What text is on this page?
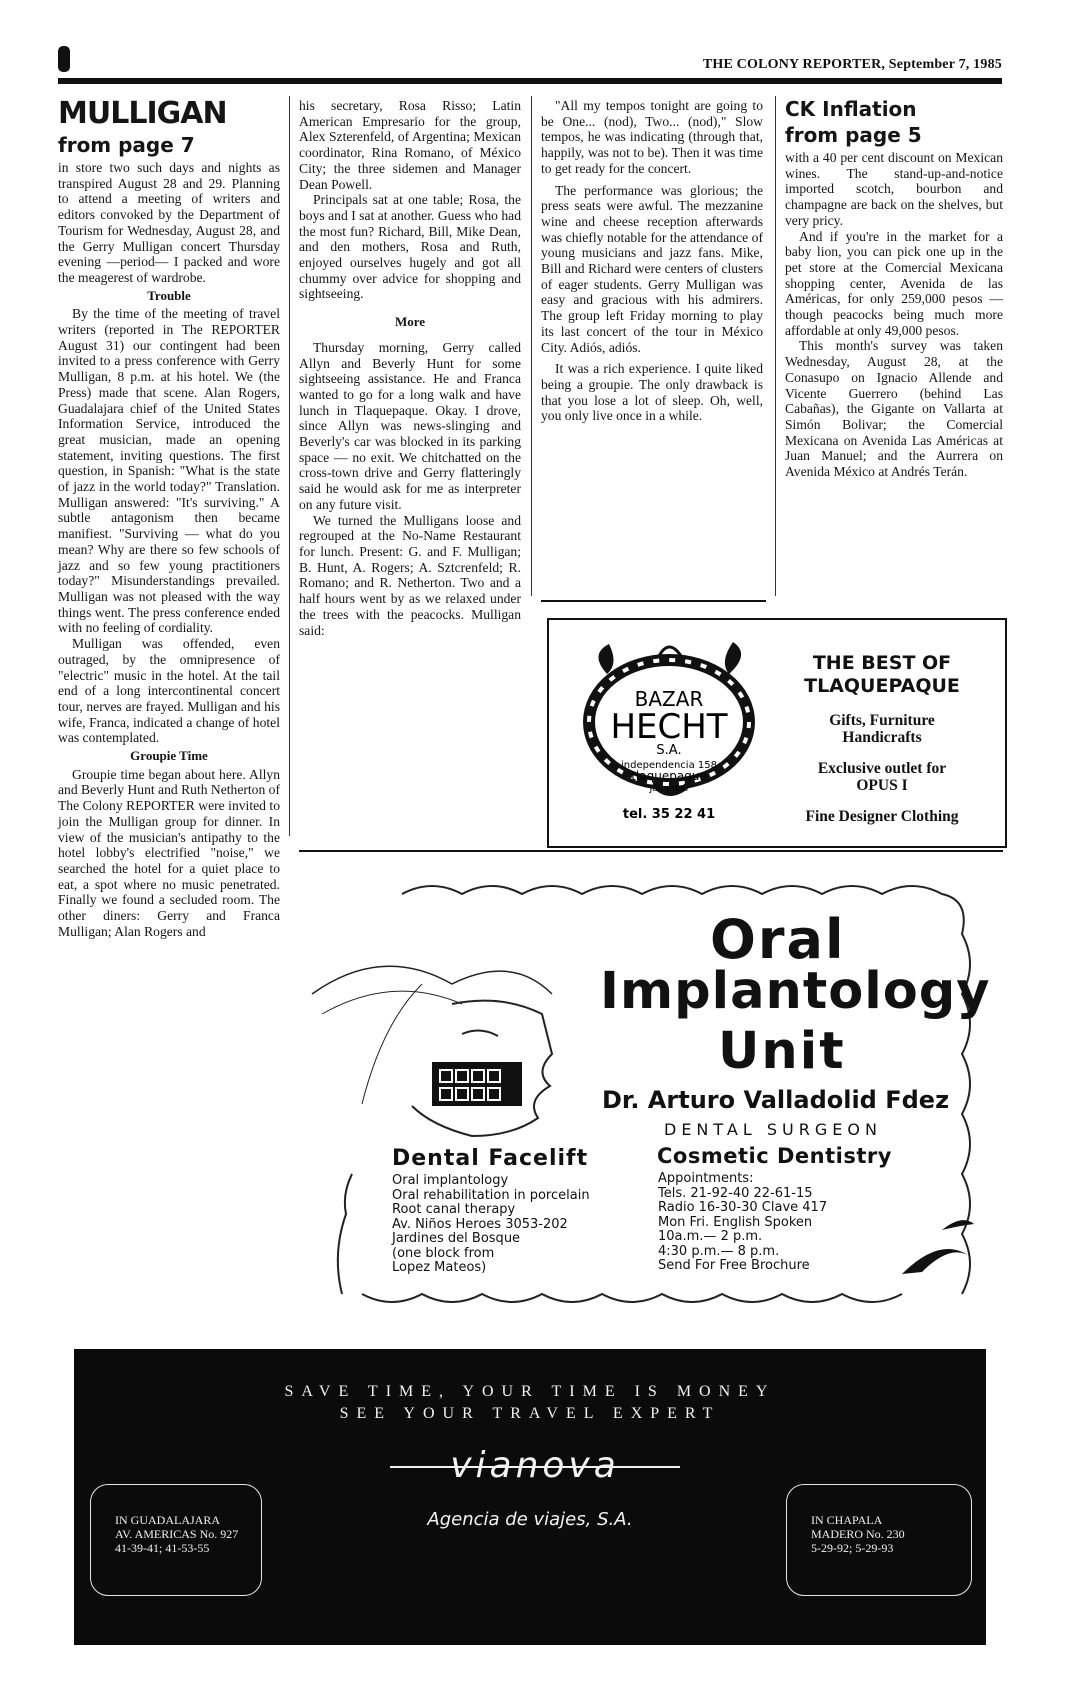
THE COLONY REPORTER, September 7, 1985
MULLIGAN
from page 7

in store two such days and nights as transpired August 28 and 29. Planning to attend a meeting of writers and editors convoked by the Department of Tourism for Wednesday, August 28, and the Gerry Mulligan concert Thursday evening —period— I packed and wore the meagerest of wardrobe.

Trouble

By the time of the meeting of travel writers (reported in The REPORTER August 31) our contingent had been invited to a press conference with Gerry Mulligan, 8 p.m. at his hotel. We (the Press) made that scene. Alan Rogers, Guadalajara chief of the United States Information Service, introduced the great musician, made an opening statement, inviting questions. The first question, in Spanish: "What is the state of jazz in the world today?" Translation. Mulligan answered: "It's surviving." A subtle antagonism then became manifiest. "Surviving — what do you mean? Why are there so few schools of jazz and so few young practitioners today?" Misunderstandings prevailed. Mulligan was not pleased with the way things went. The press conference ended with no feeling of cordiality.

Mulligan was offended, even outraged, by the omnipresence of "electric" music in the hotel. At the tail end of a long intercontinental concert tour, nerves are frayed. Mulligan and his wife, Franca, indicated a change of hotel was contemplated.

Groupie Time

Groupie time began about here. Allyn and Beverly Hunt and Ruth Netherton of The Colony REPORTER were invited to join the Mulligan group for dinner. In view of the musician's antipathy to the hotel lobby's electrified "noise," we searched the hotel for a quiet place to eat, a spot where no music penetrated. Finally we found a secluded room. The other diners: Gerry and Franca Mulligan; Alan Rogers and

his secretary, Rosa Risso; Latin American Empresario for the group, Alex Szterenfeld, of Argentina; Mexican coordinator, Rina Romano, of México City; the three sidemen and Manager Dean Powell.

Principals sat at one table; Rosa, the boys and I sat at another. Guess who had the most fun? Richard, Bill, Mike Dean, and den mothers, Rosa and Ruth, enjoyed ourselves hugely and got all chummy over advice for shopping and sightseeing.

More

Thursday morning, Gerry called Allyn and Beverly Hunt for some sightseeing assistance. He and Franca wanted to go for a long walk and have lunch in Tlaquepaque. Okay. I drove, since Allyn was news-slinging and Beverly's car was blocked in its parking space — no exit. We chitchatted on the cross-town drive and Gerry flatteringly said he would ask for me as interpreter on any future visit.

We turned the Mulligans loose and regrouped at the No-Name Restaurant for lunch. Present: G. and F. Mulligan; B. Hunt, A. Rogers; A. Sztcrenfeld; R. Romano; and R. Netherton. Two and a half hours went by as we relaxed under the trees with the peacocks. Mulligan said:

"All my tempos tonight are going to be One... (nod), Two... (nod)," Slow tempos, he was indicating (through that, happily, was not to be). Then it was time to get ready for the concert.

The performance was glorious; the press seats were awful. The mezzanine wine and cheese reception afterwards was chiefly notable for the attendance of young musicians and jazz fans. Mike, Bill and Richard were centers of clusters of eager students. Gerry Mulligan was easy and gracious with his admirers. The group left Friday morning to play its last concert of the tour in México City. Adiós, adiós.

It was a rich experience. I quite liked being a groupie. The only drawback is that you lose a lot of sleep. Oh, well, you only live once in a while.

CK Inflation
from page 5

with a 40 per cent discount on Mexican wines. The stand-up-and-notice imported scotch, bourbon and champagne are back on the shelves, but very pricy.

And if you're in the market for a baby lion, you can pick one up in the pet store at the Comercial Mexicana shopping center, Avenida de las Américas, for only 259,000 pesos — though peacocks being much more affordable at only 49,000 pesos.

This month's survey was taken Wednesday, August 28, at the Conasupo on Ignacio Allende and Vicente Guerrero (behind Las Cabañas), the Gigante on Vallarta at Simón Bolivar; the Comercial Mexicana on Avenida Las Américas at Juan Manuel; and the Aurrera on Avenida México at Andrés Terán.

BAZAR
HECHT
S.A.
independencia 158
tlaquepaque
Jal. mex.
tel. 35 22 41
THE BEST OF
TLAQUEPAQUE
Gifts, Furniture
Handicrafts
Exclusive outlet for
OPUS I
Fine Designer Clothing
Oral
Implantology
Unit
Dr. Arturo Valladolid Fdez
DENTAL SURGEON
Dental Facelift
Oral implantology
Oral rehabilitation in porcelain
Root canal therapy
Av. Niños Heroes 3053-202
Jardines del Bosque
(one block from
Lopez Mateos)
Cosmetic Dentistry
Appointments:
Tels. 21-92-40 22-61-15
Radio 16-30-30 Clave 417
Mon Fri. English Spoken
10a.m.— 2 p.m.
4:30 p.m.— 8 p.m.
Send For Free Brochure
SAVE TIME, YOUR TIME IS MONEY
SEE YOUR TRAVEL EXPERT
vianova
Agencia de viajes, S.A.
IN GUADALAJARA
AV. AMERICAS No. 927
41-39-41; 41-53-55
IN CHAPALA
MADERO No. 230
5-29-92; 5-29-93
